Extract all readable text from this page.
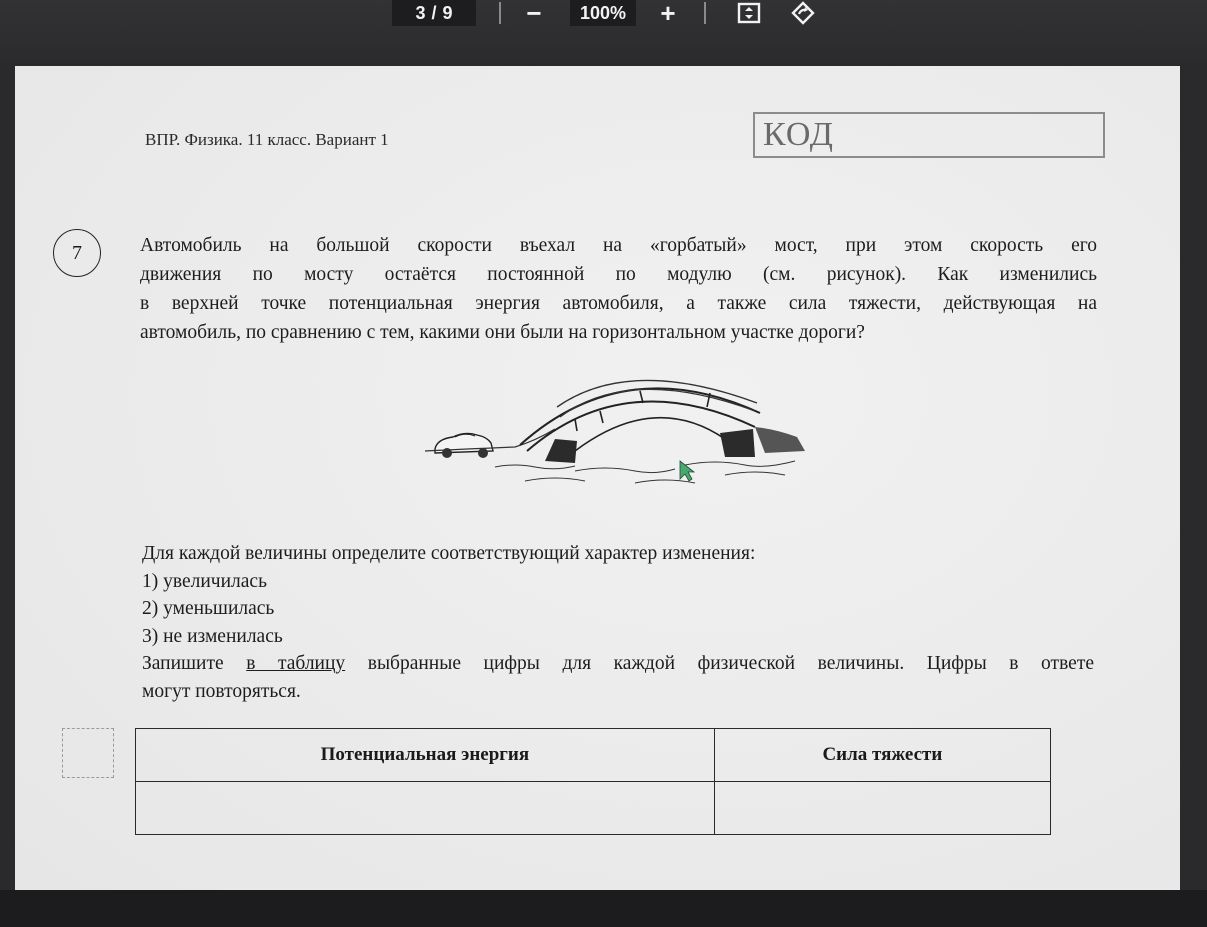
3 / 9	−	100%	+
ВПР. Физика. 11 класс. Вариант 1	КОД
7	Автомобиль на большой скорости въехал на «горбатый» мост, при этом скорость его
движения по мосту остаётся постоянной по модулю (см. рисунок). Как изменились
в верхней точке потенциальная энергия автомобиля, а также сила тяжести, действующая на
автомобиль, по сравнению с тем, какими они были на горизонтальном участке дороги?
Для каждой величины определите соответствующий характер изменения:
1) увеличилась
2) уменьшилась
3) не изменилась
Запишите в таблицу выбранные цифры для каждой физической величины. Цифры в ответе
могут повторяться.
Потенциальная энергия	Сила тяжести
